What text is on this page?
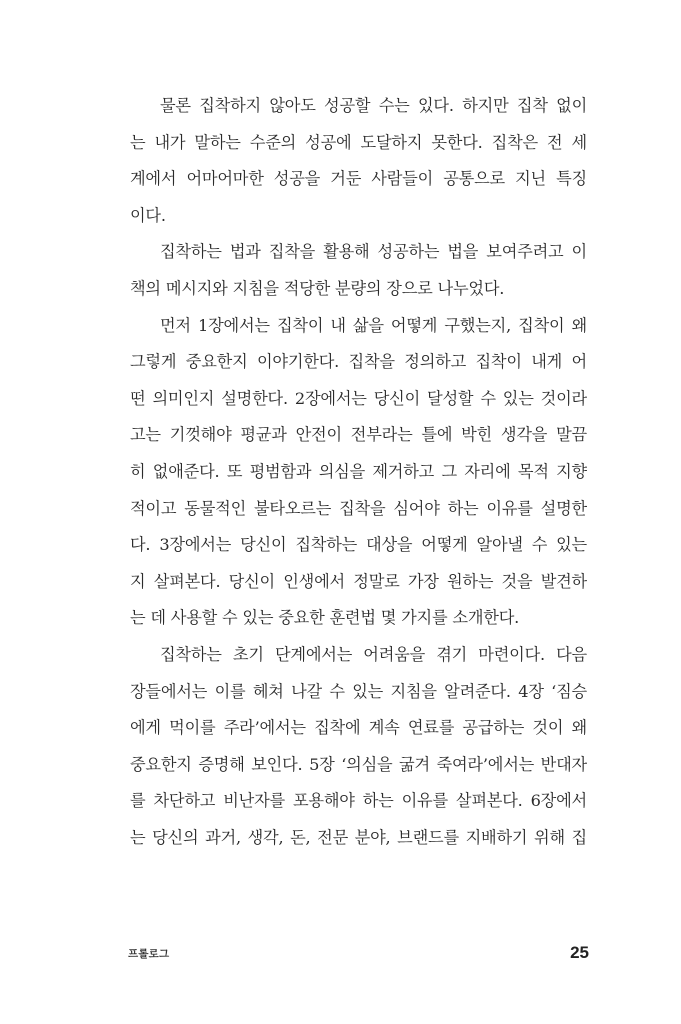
물론 집착하지 않아도 성공할 수는 있다. 하지만 집착 없이
는 내가 말하는 수준의 성공에 도달하지 못한다. 집착은 전 세
계에서 어마어마한 성공을 거둔 사람들이 공통으로 지닌 특징
이다.
집착하는 법과 집착을 활용해 성공하는 법을 보여주려고 이
책의 메시지와 지침을 적당한 분량의 장으로 나누었다.
먼저 1장에서는 집착이 내 삶을 어떻게 구했는지, 집착이 왜
그렇게 중요한지 이야기한다. 집착을 정의하고 집착이 내게 어
떤 의미인지 설명한다. 2장에서는 당신이 달성할 수 있는 것이라
고는 기껏해야 평균과 안전이 전부라는 틀에 박힌 생각을 말끔
히 없애준다. 또 평범함과 의심을 제거하고 그 자리에 목적 지향
적이고 동물적인 불타오르는 집착을 심어야 하는 이유를 설명한
다. 3장에서는 당신이 집착하는 대상을 어떻게 알아낼 수 있는
지 살펴본다. 당신이 인생에서 정말로 가장 원하는 것을 발견하
는 데 사용할 수 있는 중요한 훈련법 몇 가지를 소개한다.
집착하는 초기 단계에서는 어려움을 겪기 마련이다. 다음
장들에서는 이를 헤쳐 나갈 수 있는 지침을 알려준다. 4장 ‘짐승
에게 먹이를 주라’에서는 집착에 계속 연료를 공급하는 것이 왜
중요한지 증명해 보인다. 5장 ‘의심을 굶겨 죽여라’에서는 반대자
를 차단하고 비난자를 포용해야 하는 이유를 살펴본다. 6장에서
는 당신의 과거, 생각, 돈, 전문 분야, 브랜드를 지배하기 위해 집
프롤로그	25
